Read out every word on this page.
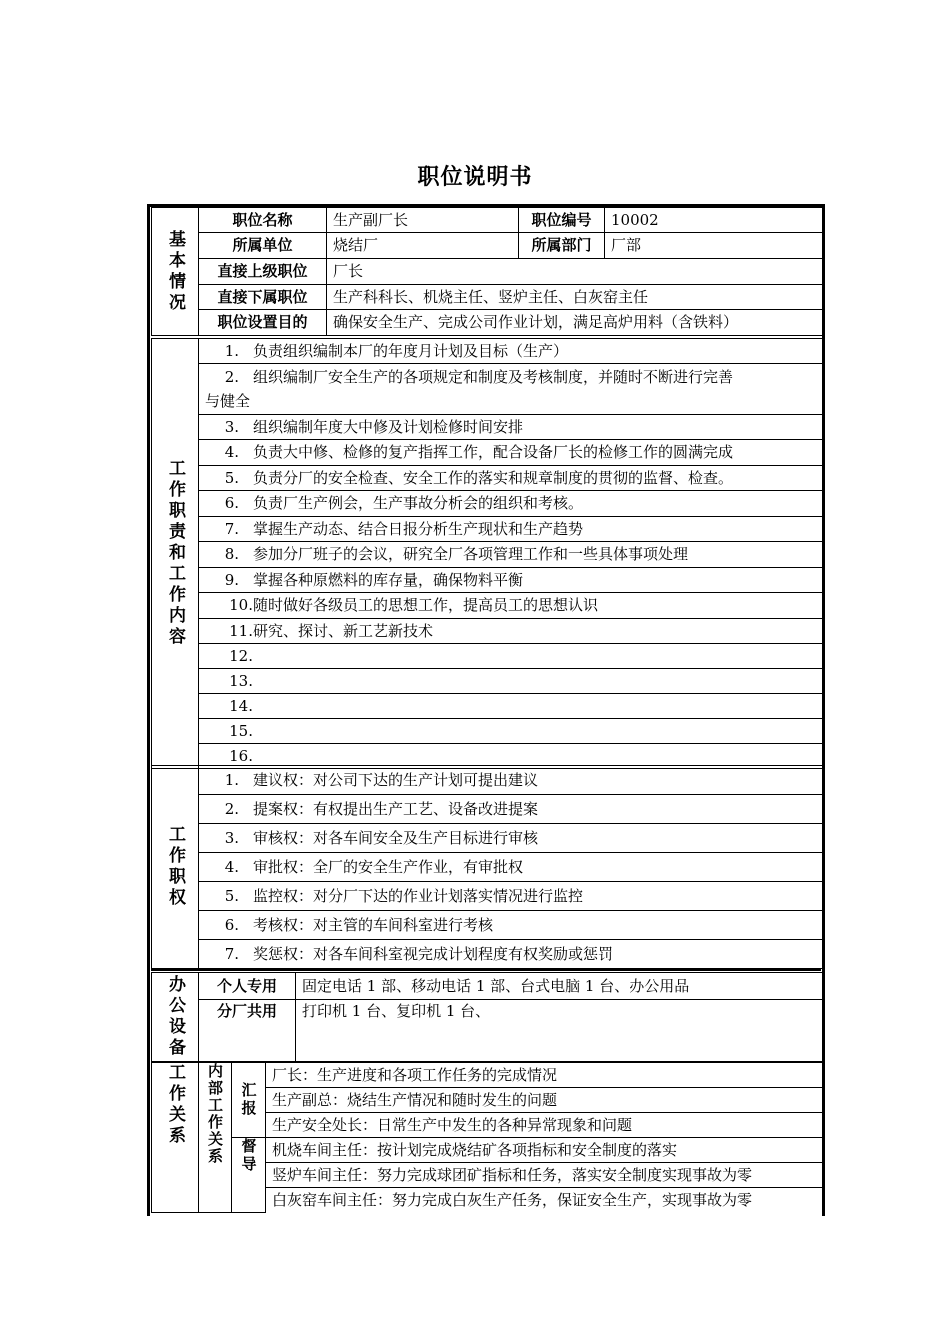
职位说明书
基本情况	职位名称	生产副厂长	职位编号	10002
	所属单位	烧结厂	所属部门	厂部
	直接上级职位	厂长		
	直接下属职位	生产科科长、机烧主任、竖炉主任、白灰窑主任		
	职位设置目的	确保安全生产、完成公司作业计划，满足高炉用料（含铁料）		
工作职责和工作内容
	1. 负责组织编制本厂的年度月计划及目标（生产）
2. 组织编制厂安全生产的各项规定和制度及考核制度，并随时不断进行完善
与健全
3. 组织编制年度大中修及计划检修时间安排
4. 负责大中修、检修的复产指挥工作，配合设备厂长的检修工作的圆满完成
5. 负责分厂的安全检查、安全工作的落实和规章制度的贯彻的监督、检查。
6. 负责厂生产例会，生产事故分析会的组织和考核。
7. 掌握生产动态、结合日报分析生产现状和生产趋势
8. 参加分厂班子的会议，研究全厂各项管理工作和一些具体事项处理
9. 掌握各种原燃料的库存量，确保物料平衡
10.随时做好各级员工的思想工作，提高员工的思想认识
11.研究、探讨、新工艺新技术
12.
13.
14.
15.
16.
工作职权
	1. 建议权：对公司下达的生产计划可提出建议
2. 提案权：有权提出生产工艺、设备改进提案
3. 审核权：对各车间安全及生产目标进行审核
4. 审批权：全厂的安全生产作业，有审批权
5. 监控权：对分厂下达的作业计划落实情况进行监控
6. 考核权：对主管的车间科室进行考核
7. 奖惩权：对各车间科室视完成计划程度有权奖励或惩罚
办公设备	个人专用	固定电话 1 部、移动电话 1 部、台式电脑 1 台、办公用品
	分厂共用	打印机 1 台、复印机 1 台、
工作关系	内部工作关系	汇报	厂长：生产进度和各项工作任务的完成情况
			生产副总：烧结生产情况和随时发生的问题
			生产安全处长：日常生产中发生的各种异常现象和问题

		督导	机烧车间主任：按计划完成烧结矿各项指标和安全制度的落实
			竖炉车间主任：努力完成球团矿指标和任务，落实安全制度实现事故为零
			白灰窑车间主任：努力完成白灰生产任务，保证安全生产，实现事故为零
